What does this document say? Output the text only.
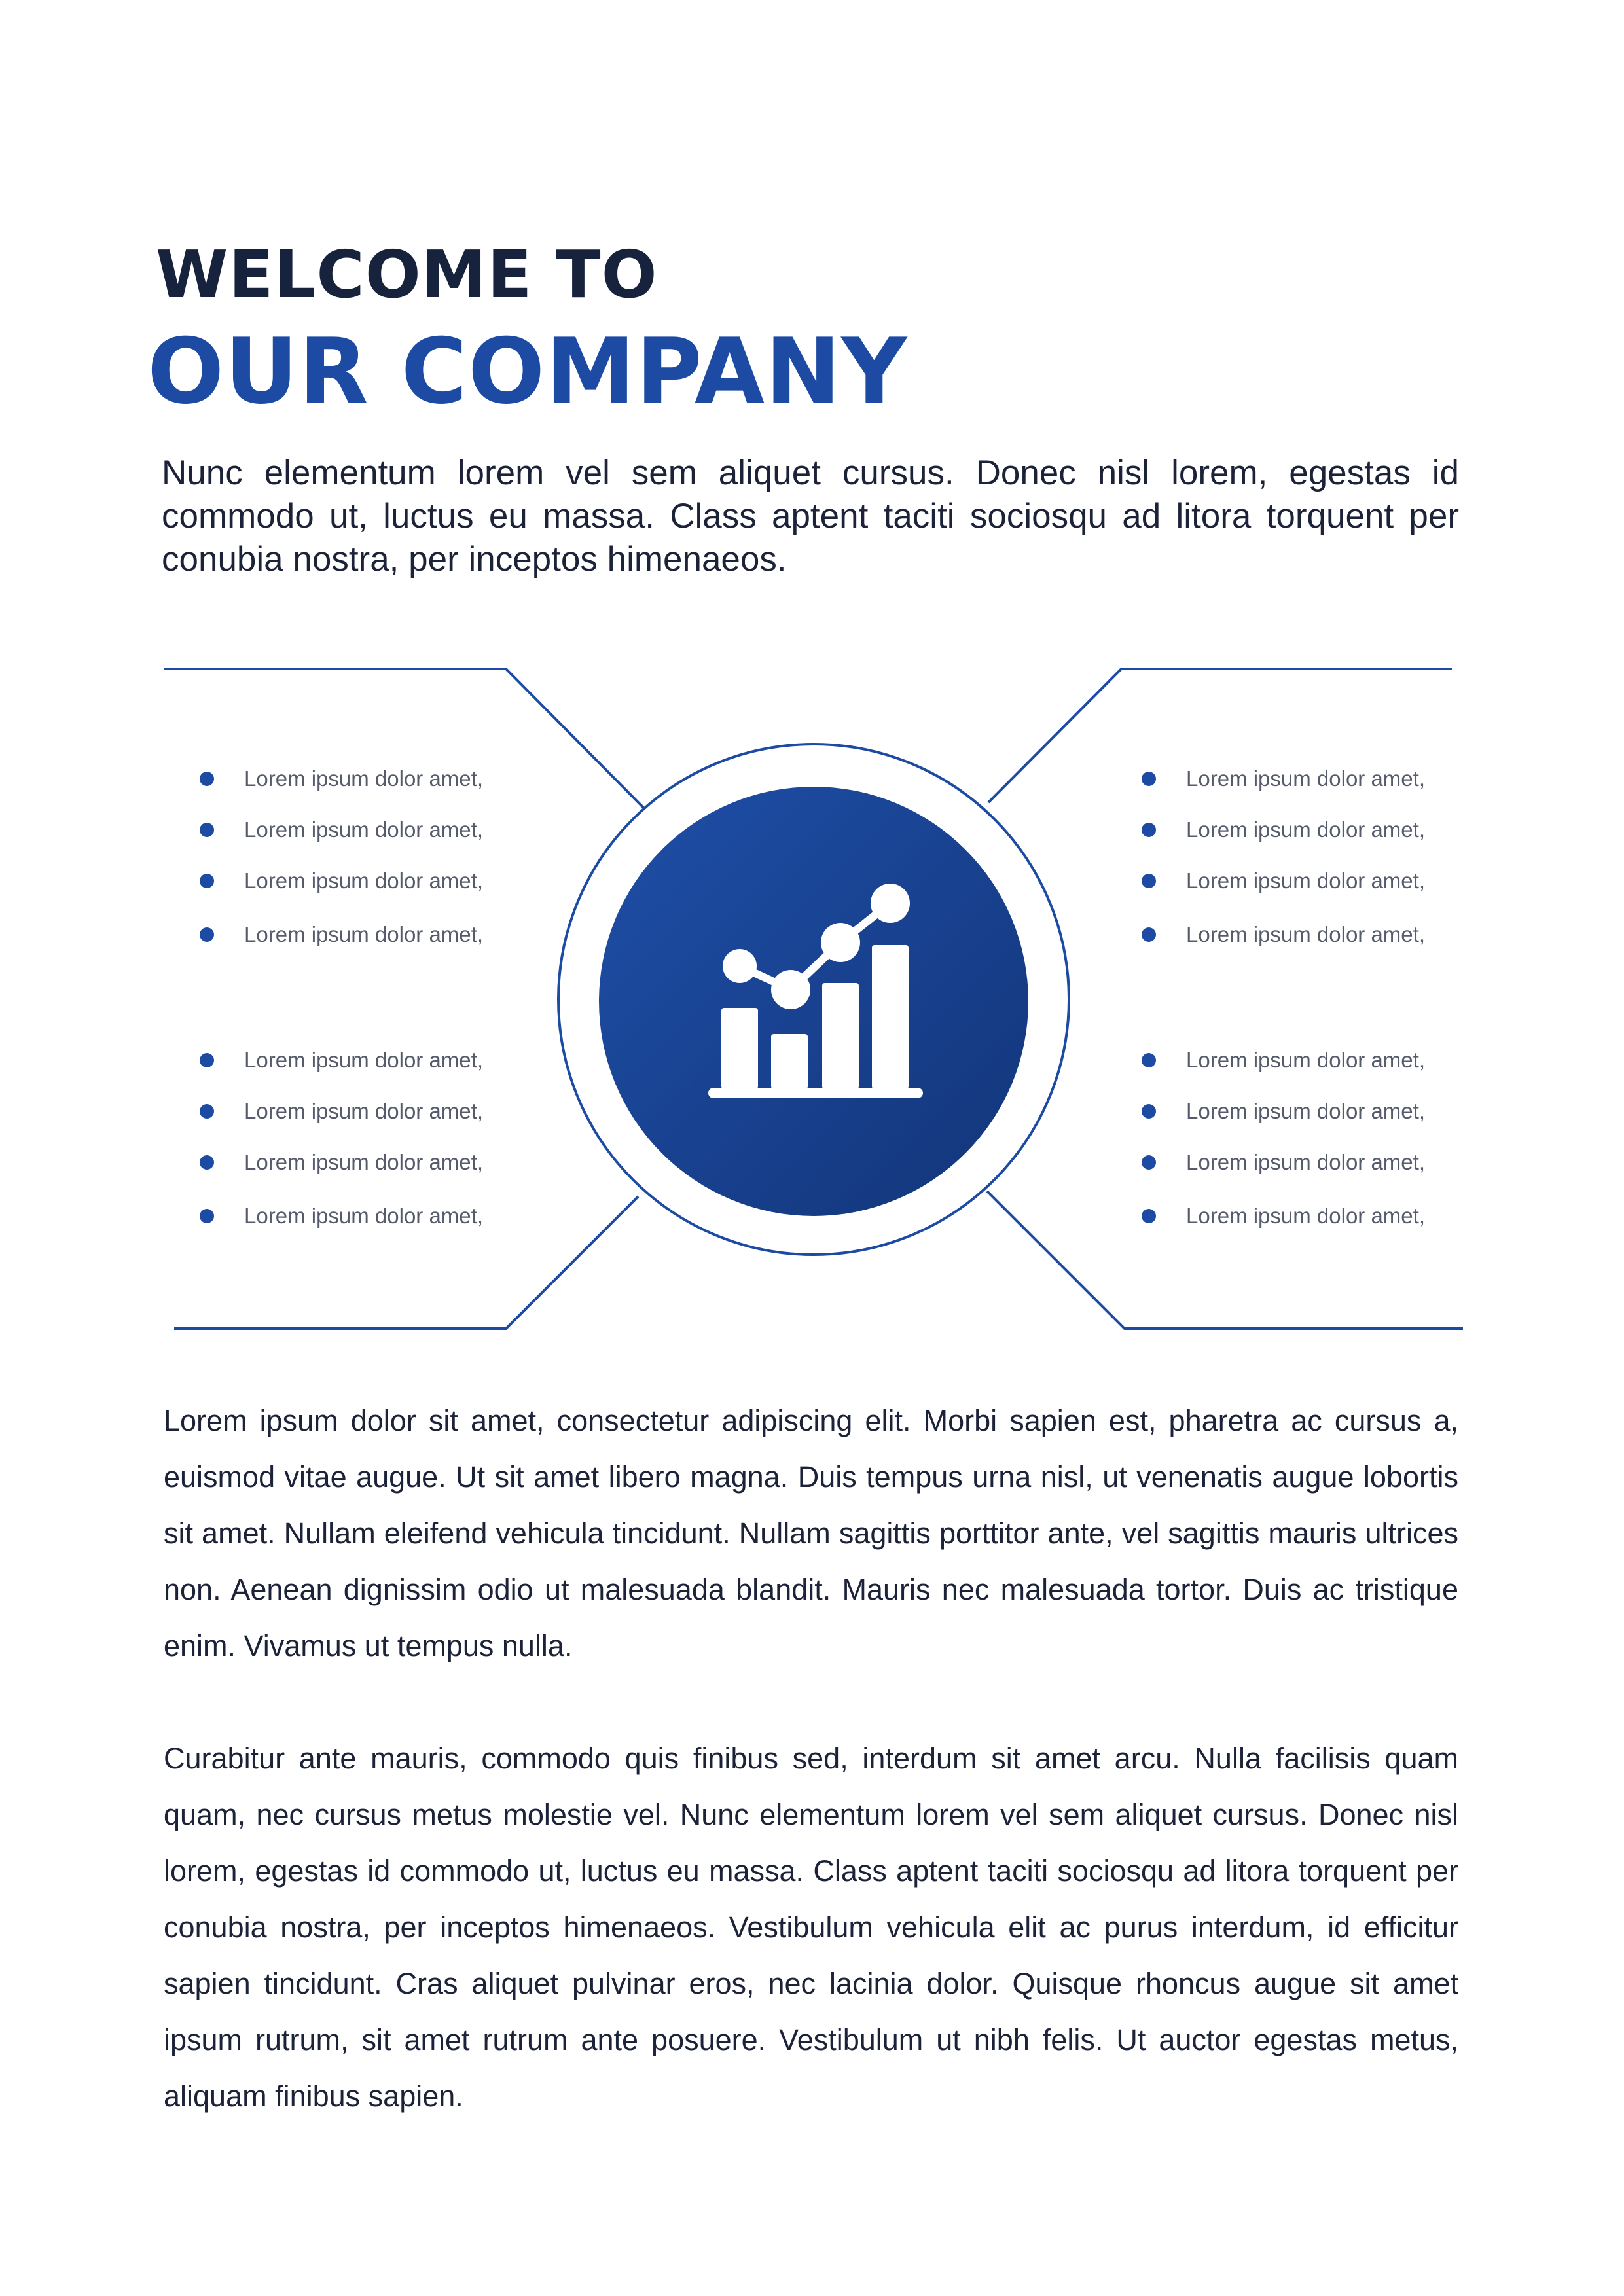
WELCOME TO
OUR COMPANY

Nunc elementum lorem vel sem aliquet cursus. Donec nisl lorem, egestas id commodo ut, luctus eu massa. Class aptent taciti sociosqu ad litora torquent per conubia nostra, per inceptos himenaeos.

Lorem ipsum dolor amet,
Lorem ipsum dolor amet,
Lorem ipsum dolor amet,
Lorem ipsum dolor amet,
Lorem ipsum dolor amet,
Lorem ipsum dolor amet,
Lorem ipsum dolor amet,
Lorem ipsum dolor amet,
Lorem ipsum dolor amet,
Lorem ipsum dolor amet,
Lorem ipsum dolor amet,
Lorem ipsum dolor amet,
Lorem ipsum dolor amet,
Lorem ipsum dolor amet,
Lorem ipsum dolor amet,
Lorem ipsum dolor amet,

Lorem ipsum dolor sit amet, consectetur adipiscing elit. Morbi sapien est, pharetra ac cursus a, euismod vitae augue. Ut sit amet libero magna. Duis tempus urna nisl, ut venenatis augue lobortis sit amet. Nullam eleifend vehicula tincidunt. Nullam sagittis porttitor ante, vel sagittis mauris ultrices non. Aenean dignissim odio ut malesuada blandit. Mauris nec malesuada tortor. Duis ac tristique enim. Vivamus ut tempus nulla.

Curabitur ante mauris, commodo quis finibus sed, interdum sit amet arcu. Nulla facilisis quam quam, nec cursus metus molestie vel. Nunc elementum lorem vel sem aliquet cursus. Donec nisl lorem, egestas id commodo ut, luctus eu massa. Class aptent taciti sociosqu ad litora torquent per conubia nostra, per inceptos himenaeos. Vestibulum vehicula elit ac purus interdum, id efficitur sapien tincidunt. Cras aliquet pulvinar eros, nec lacinia dolor. Quisque rhoncus augue sit amet ipsum rutrum, sit amet rutrum ante posuere. Vestibulum ut nibh felis. Ut auctor egestas metus, aliquam finibus sapien.
